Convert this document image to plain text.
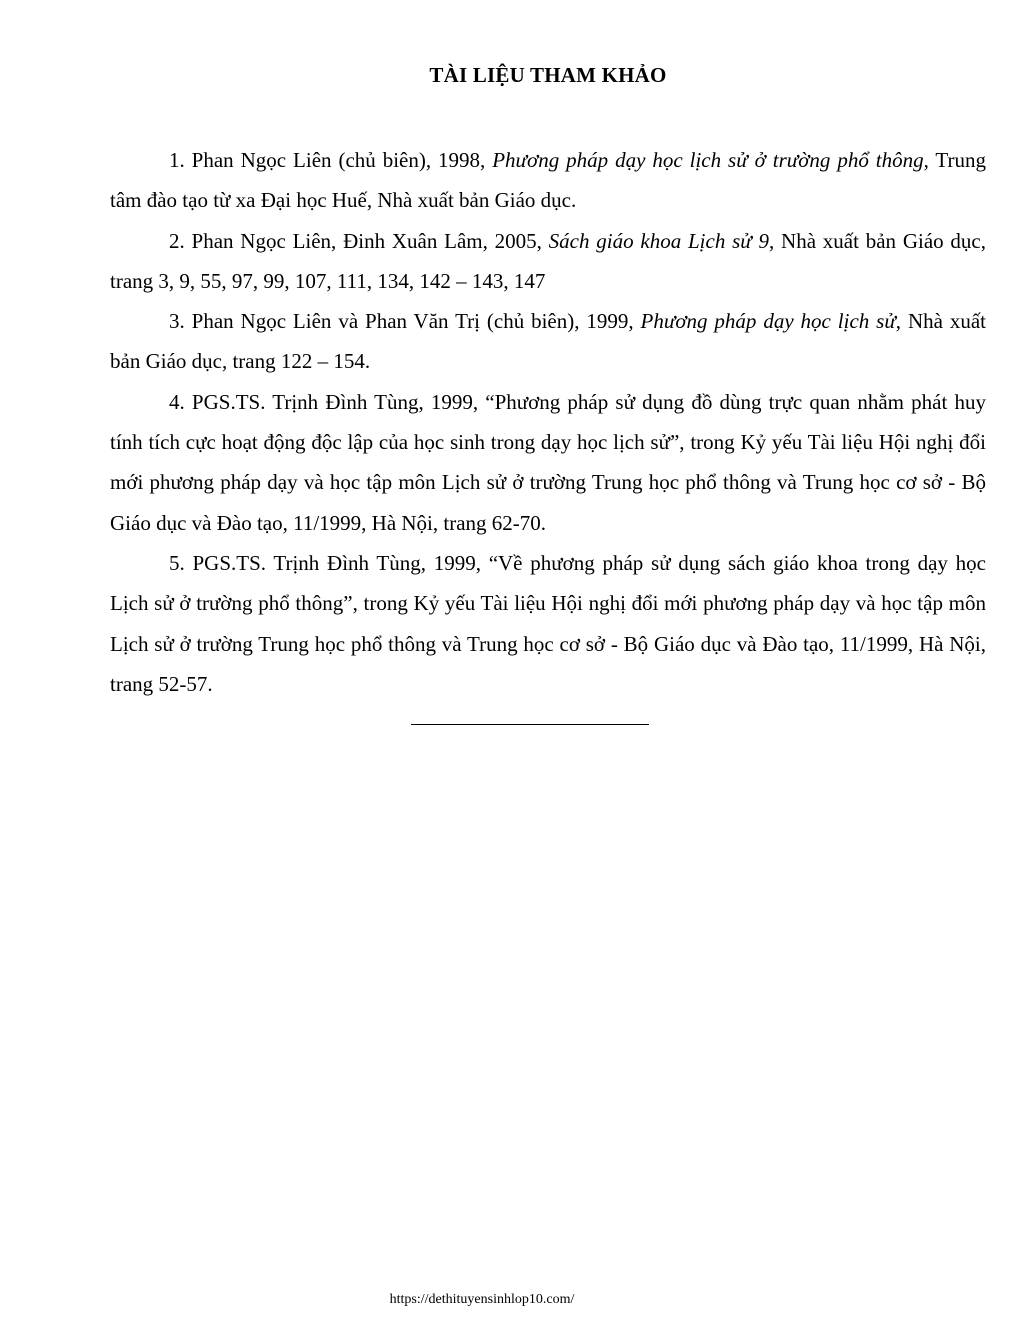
TÀI LIỆU THAM KHẢO

1. Phan Ngọc Liên (chủ biên), 1998, Phương pháp dạy học lịch sử ở trường phổ thông, Trung tâm đào tạo từ xa Đại học Huế, Nhà xuất bản Giáo dục.

2. Phan Ngọc Liên, Đinh Xuân Lâm, 2005, Sách giáo khoa Lịch sử 9, Nhà xuất bản Giáo dục, trang 3, 9, 55, 97, 99, 107, 111, 134, 142 – 143, 147

3. Phan Ngọc Liên và Phan Văn Trị (chủ biên), 1999, Phương pháp dạy học lịch sử, Nhà xuất bản Giáo dục, trang 122 – 154.

4. PGS.TS. Trịnh Đình Tùng, 1999, “Phương pháp sử dụng đồ dùng trực quan nhằm phát huy tính tích cực hoạt động độc lập của học sinh trong dạy học lịch sử”, trong Kỷ yếu Tài liệu Hội nghị đổi mới phương pháp dạy và học tập môn Lịch sử ở trường Trung học phổ thông và Trung học cơ sở - Bộ Giáo dục và Đào tạo, 11/1999, Hà Nội, trang 62-70.

5. PGS.TS. Trịnh Đình Tùng, 1999, “Về phương pháp sử dụng sách giáo khoa trong dạy học Lịch sử ở trường phổ thông”, trong Kỷ yếu Tài liệu Hội nghị đổi mới phương pháp dạy và học tập môn Lịch sử ở trường Trung học phổ thông và Trung học cơ sở - Bộ Giáo dục và Đào tạo, 11/1999, Hà Nội, trang 52-57.

https://dethituyensinhlop10.com/
